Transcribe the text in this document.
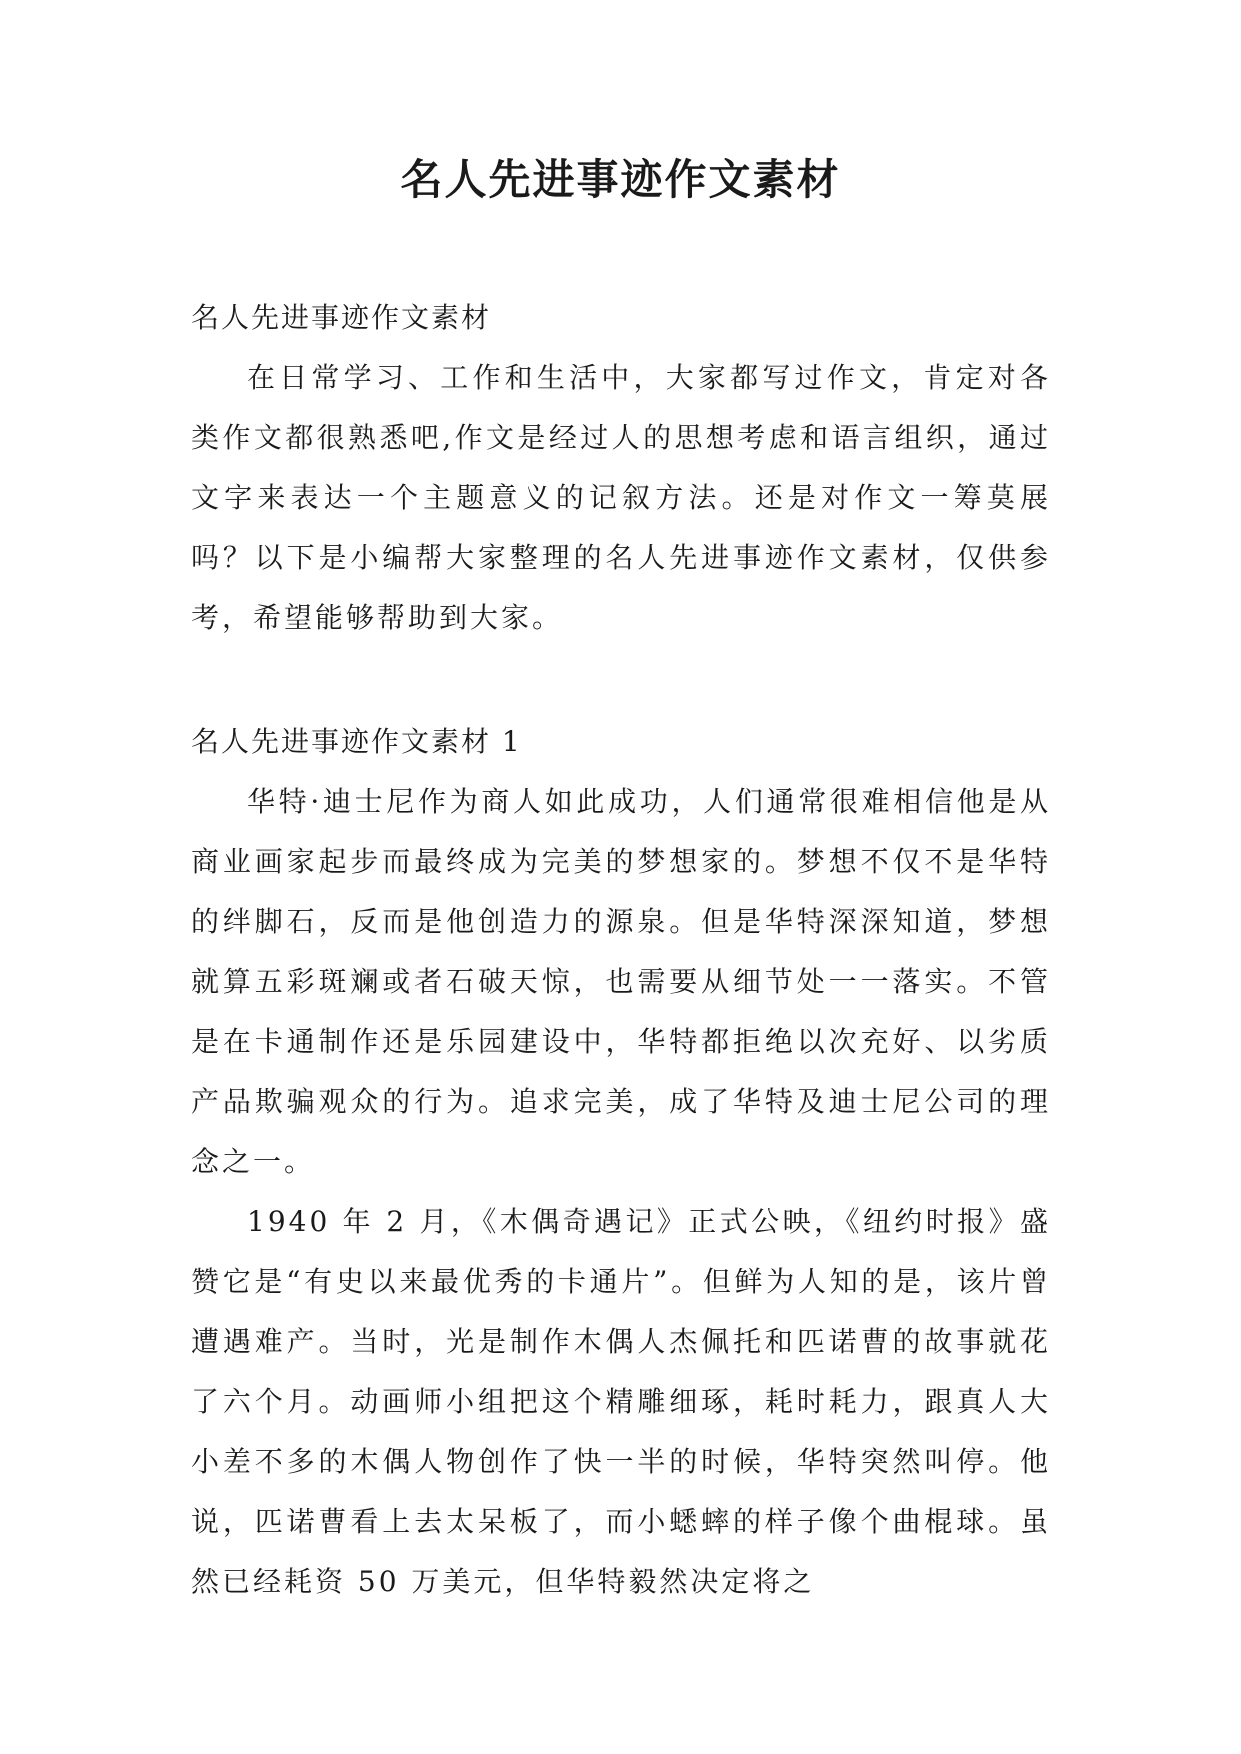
名人先进事迹作文素材

名人先进事迹作文素材

在日常学习、工作和生活中，大家都写过作文，肯定对各类作文都很熟悉吧,作文是经过人的思想考虑和语言组织，通过文字来表达一个主题意义的记叙方法。还是对作文一筹莫展吗？以下是小编帮大家整理的名人先进事迹作文素材，仅供参考，希望能够帮助到大家。

名人先进事迹作文素材 1

华特·迪士尼作为商人如此成功，人们通常很难相信他是从商业画家起步而最终成为完美的梦想家的。梦想不仅不是华特的绊脚石，反而是他创造力的源泉。但是华特深深知道，梦想就算五彩斑斓或者石破天惊，也需要从细节处一一落实。不管是在卡通制作还是乐园建设中，华特都拒绝以次充好、以劣质产品欺骗观众的行为。追求完美，成了华特及迪士尼公司的理念之一。

1940 年 2 月，《木偶奇遇记》正式公映，《纽约时报》盛赞它是“有史以来最优秀的卡通片”。但鲜为人知的是，该片曾遭遇难产。当时，光是制作木偶人杰佩托和匹诺曹的故事就花了六个月。动画师小组把这个精雕细琢，耗时耗力，跟真人大小差不多的木偶人物创作了快一半的时候，华特突然叫停。他说，匹诺曹看上去太呆板了，而小蟋蟀的样子像个曲棍球。虽然已经耗资 50 万美元，但华特毅然决定将之
